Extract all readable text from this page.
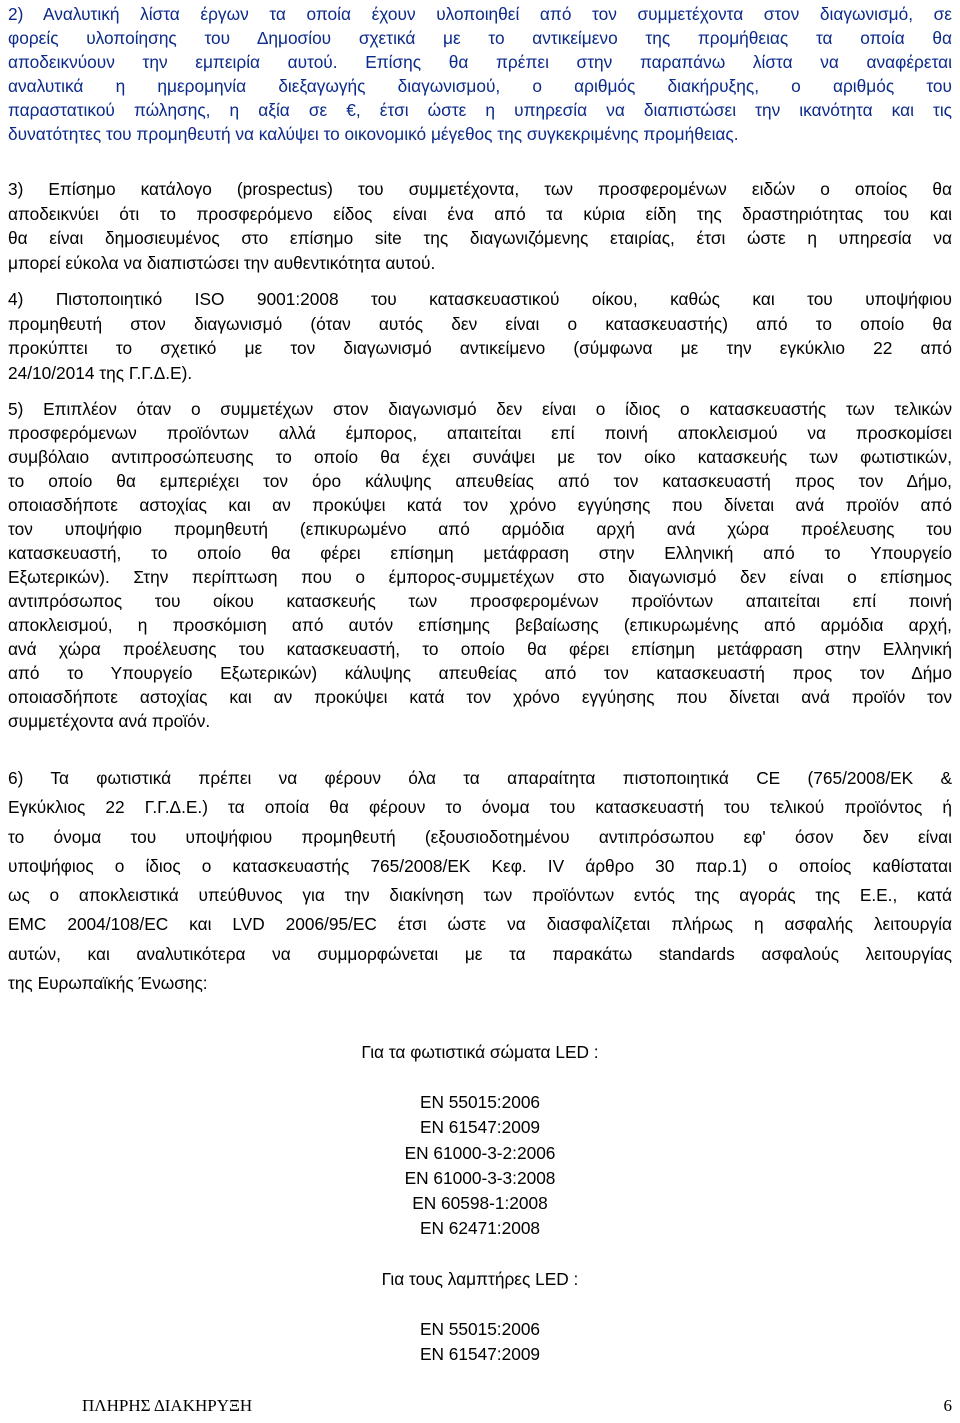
2) Αναλυτική λίστα έργων τα οποία έχουν υλοποιηθεί από τον συμμετέχοντα στον διαγωνισμό, σε
φορείς υλοποίησης του Δημοσίου σχετικά με το αντικείμενο της προμήθειας τα οποία θα
αποδεικνύουν την εμπειρία αυτού. Επίσης θα πρέπει στην παραπάνω λίστα να αναφέρεται
αναλυτικά η ημερομηνία διεξαγωγής διαγωνισμού, ο αριθμός διακήρυξης, ο αριθμός του
παραστατικού πώλησης, η αξία σε €, έτσι ώστε η υπηρεσία να διαπιστώσει την ικανότητα και τις
δυνατότητες του προμηθευτή να καλύψει το οικονομικό μέγεθος της συγκεκριμένης προμήθειας.
3) Επίσημο κατάλογο (prospectus) του συμμετέχοντα, των προσφερομένων ειδών ο οποίος θα
αποδεικνύει ότι το προσφερόμενο είδος είναι ένα από τα κύρια είδη της δραστηριότητας του και
θα είναι δημοσιευμένος στο επίσημο site της διαγωνιζόμενης εταιρίας, έτσι ώστε η υπηρεσία να
μπορεί εύκολα να διαπιστώσει την αυθεντικότητα αυτού.
4) Πιστοποιητικό ISO 9001:2008 του κατασκευαστικού οίκου, καθώς και του υποψήφιου
προμηθευτή στον διαγωνισμό (όταν αυτός δεν είναι ο κατασκευαστής) από το οποίο θα
προκύπτει το σχετικό με τον διαγωνισμό αντικείμενο (σύμφωνα με την εγκύκλιο 22 από
24/10/2014 της Γ.Γ.Δ.Ε).
5) Επιπλέον όταν ο συμμετέχων στον διαγωνισμό δεν είναι ο ίδιος ο κατασκευαστής των τελικών
προσφερόμενων προϊόντων αλλά έμπορος, απαιτείται επί ποινή αποκλεισμού να προσκομίσει
συμβόλαιο αντιπροσώπευσης το οποίο θα έχει συνάψει με τον οίκο κατασκευής των φωτιστικών,
το οποίο θα εμπεριέχει τον όρο κάλυψης απευθείας από τον κατασκευαστή προς τον Δήμο,
οποιασδήποτε αστοχίας και αν προκύψει κατά τον χρόνο εγγύησης που δίνεται ανά προϊόν από
τον υποψήφιο προμηθευτή (επικυρωμένο από αρμόδια αρχή ανά χώρα προέλευσης του
κατασκευαστή, το οποίο θα φέρει επίσημη μετάφραση στην Ελληνική από το Υπουργείο
Εξωτερικών). Στην περίπτωση που ο έμπορος-συμμετέχων στο διαγωνισμό δεν είναι ο επίσημος
αντιπρόσωπος του οίκου κατασκευής των προσφερομένων προϊόντων απαιτείται επί ποινή
αποκλεισμού, η προσκόμιση από αυτόν επίσημης βεβαίωσης (επικυρωμένης από αρμόδια αρχή,
ανά χώρα προέλευσης του κατασκευαστή, το οποίο θα φέρει επίσημη μετάφραση στην Ελληνική
από το Υπουργείο Εξωτερικών) κάλυψης απευθείας από τον κατασκευαστή προς τον Δήμο
οποιασδήποτε αστοχίας και αν προκύψει κατά τον χρόνο εγγύησης που δίνεται ανά προϊόν τον
συμμετέχοντα ανά προϊόν.
6) Τα φωτιστικά πρέπει να φέρουν όλα τα απαραίτητα πιστοποιητικά CE (765/2008/ΕΚ &
Εγκύκλιος 22 Γ.Γ.Δ.Ε.) τα οποία θα φέρουν το όνομα του κατασκευαστή του τελικού προϊόντος ή
το όνομα του υποψήφιου προμηθευτή (εξουσιοδοτημένου αντιπρόσωπου εφ' όσον δεν είναι
υποψήφιος ο ίδιος ο κατασκευαστής 765/2008/ΕΚ Κεφ. IV άρθρο 30 παρ.1) ο οποίος καθίσταται
ως ο αποκλειστικά υπεύθυνος για την διακίνηση των προϊόντων εντός της αγοράς της Ε.Ε., κατά
EMC 2004/108/EC και LVD 2006/95/EC έτσι ώστε να διασφαλίζεται πλήρως η ασφαλής λειτουργία
αυτών, και αναλυτικότερα να συμμορφώνεται με τα παρακάτω standards ασφαλούς λειτουργίας
της Ευρωπαϊκής Ένωσης:
Για τα φωτιστικά σώματα LED :
EN 55015:2006
EN 61547:2009
EN 61000-3-2:2006
EN 61000-3-3:2008
EN 60598-1:2008
EN 62471:2008
Για τους λαμπτήρες LED :
EN 55015:2006
EN 61547:2009
ΠΛΗΡΗΣ ΔΙΑΚΗΡΥΞΗ	6
